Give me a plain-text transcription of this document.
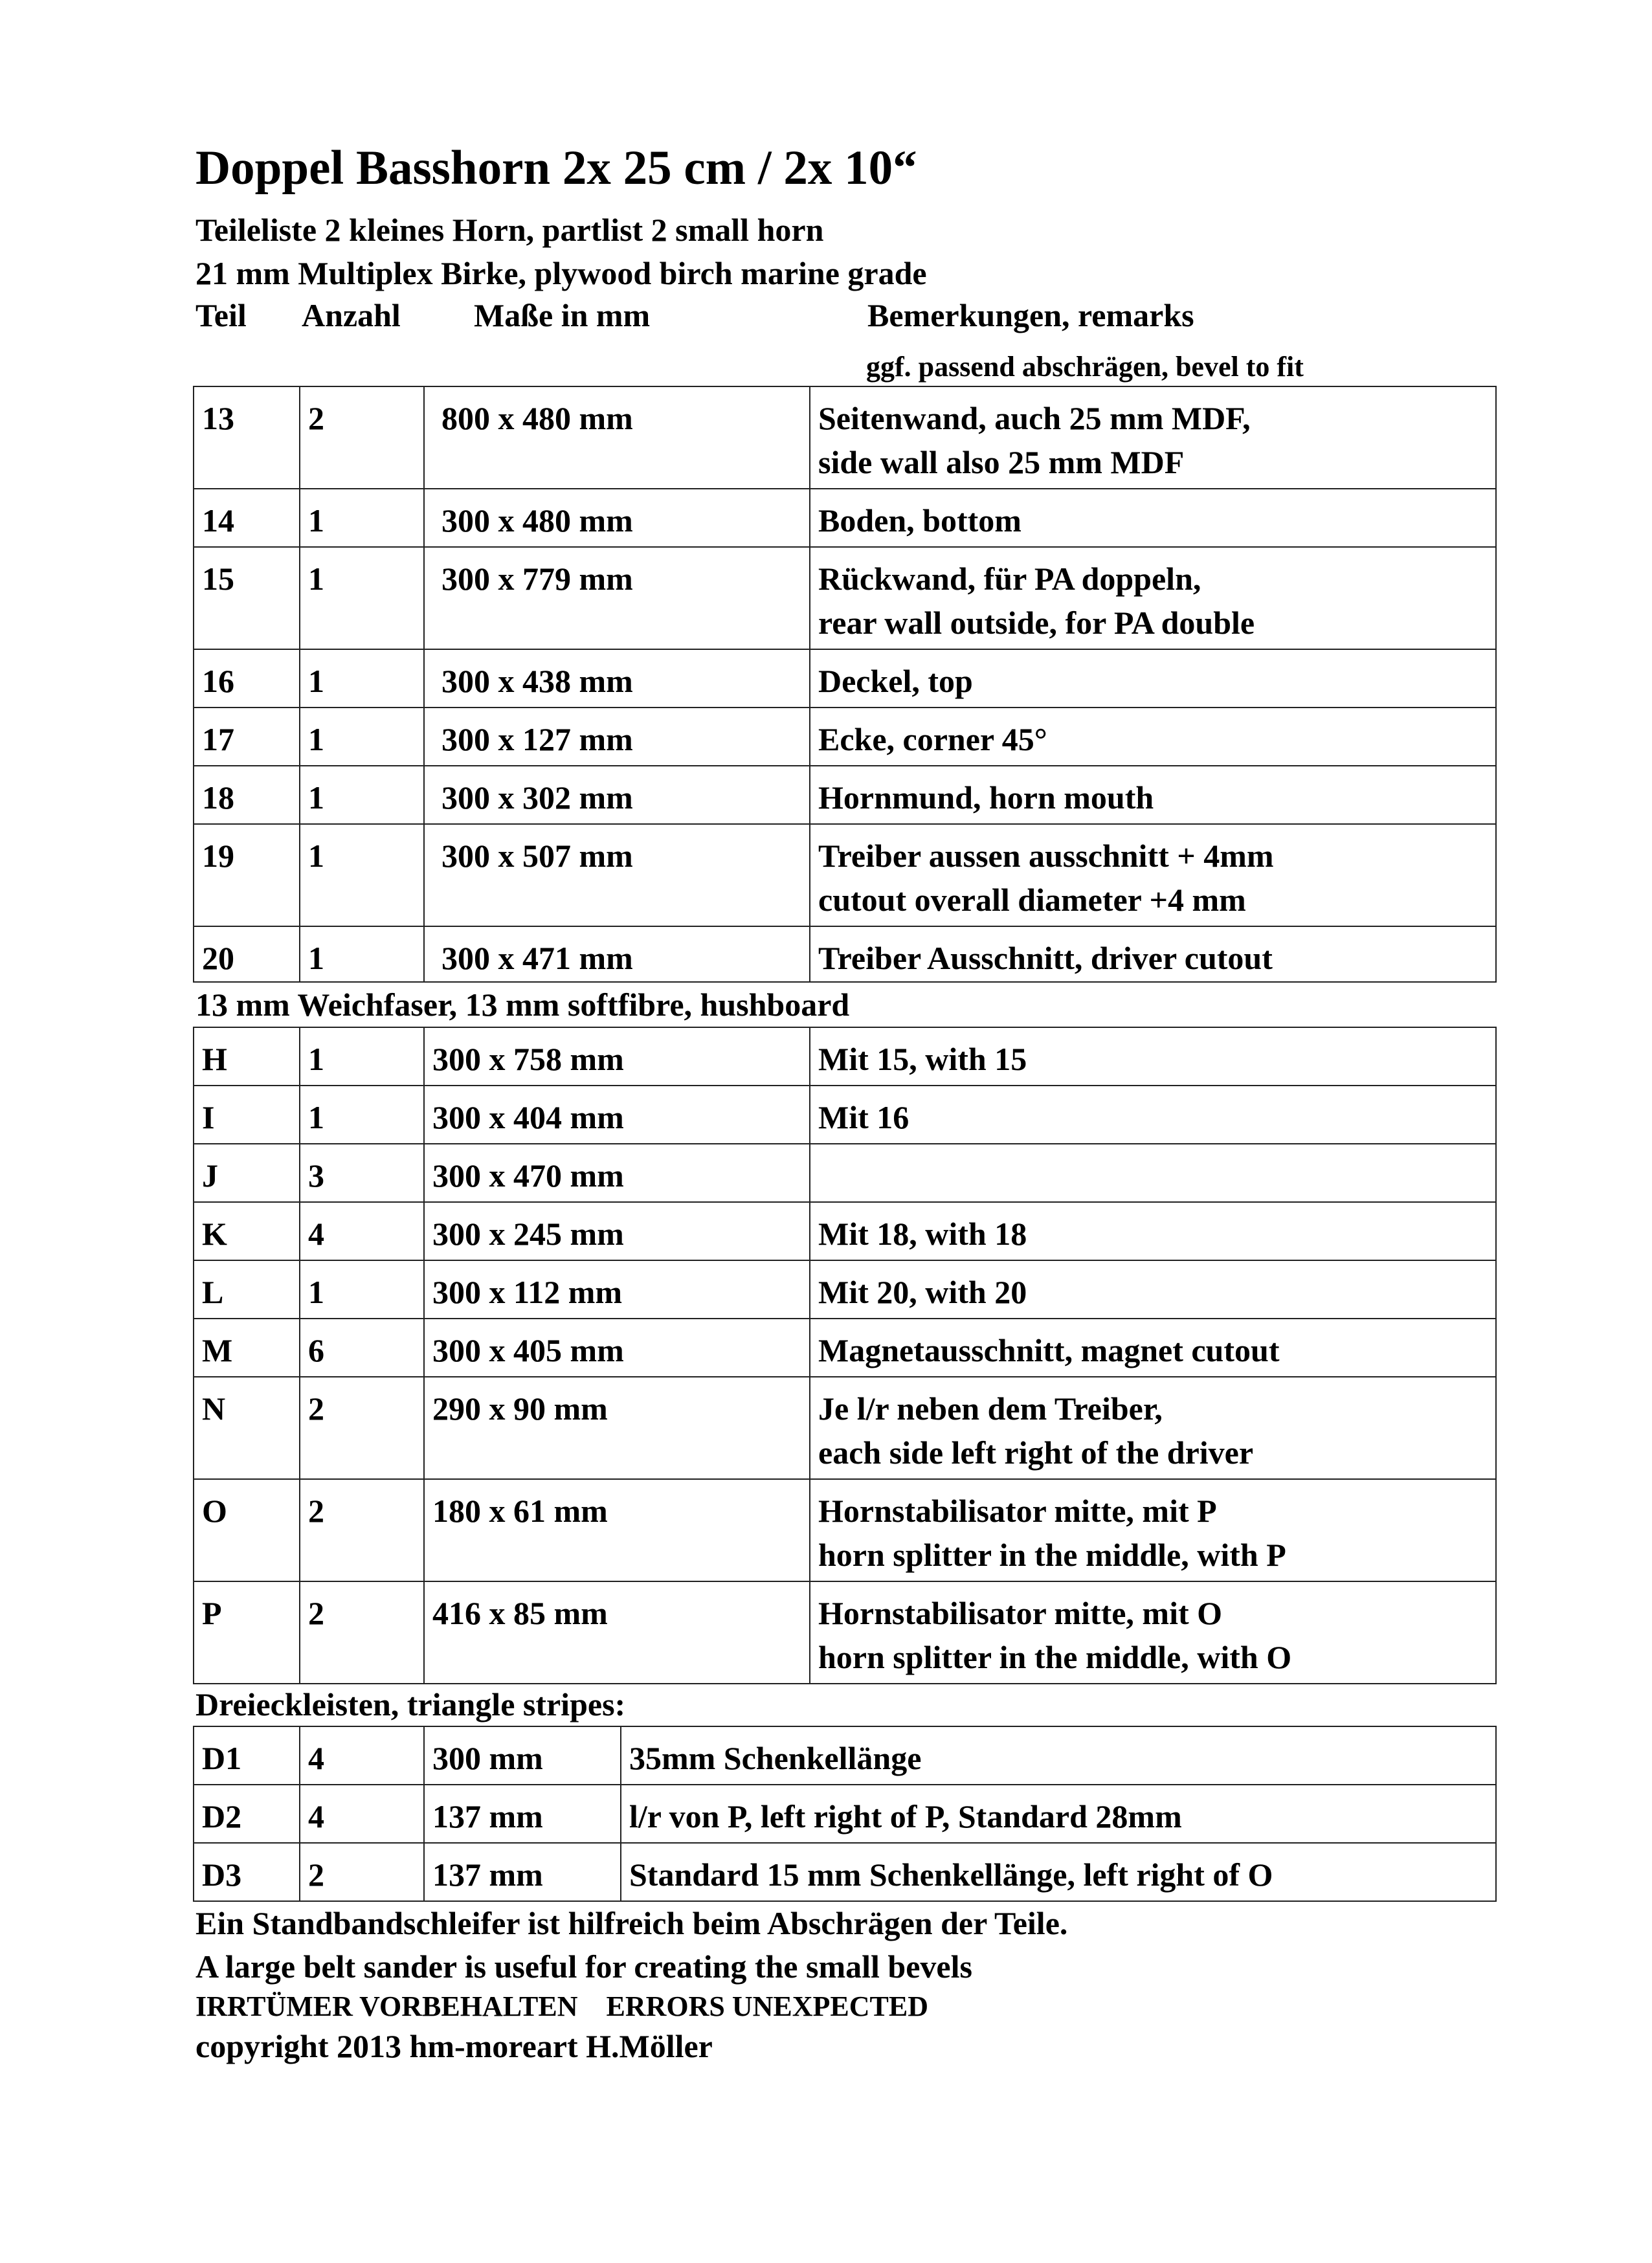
Doppel Basshorn 2x 25 cm / 2x 10“
Teileliste 2 kleines Horn, partlist 2 small horn
21 mm Multiplex Birke, plywood birch marine grade
Teil Anzahl Maße in mm	Bemerkungen, remarks
ggf. passend abschrägen, bevel to fit
13	2	800 x 480 mm	Seitenwand, auch 25 mm MDF,
side wall also 25 mm MDF
14	1	300 x 480 mm	Boden, bottom
15	1	300 x 779 mm	Rückwand, für PA doppeln,
rear wall outside, for PA double
16	1	300 x 438 mm	Deckel, top
17	1	300 x 127 mm	Ecke, corner 45°
18	1	300 x 302 mm	Hornmund, horn mouth
19	1	300 x 507 mm	Treiber aussen ausschnitt + 4mm
cutout overall diameter +4 mm
20	1	300 x 471 mm	Treiber Ausschnitt, driver cutout
13 mm Weichfaser, 13 mm softfibre, hushboard
H	1	300 x 758 mm	Mit 15, with 15
I	1	300 x 404 mm	Mit 16
J	3	300 x 470 mm	
K	4	300 x 245 mm	Mit 18, with 18
L	1	300 x 112 mm	Mit 20, with 20
M	6	300 x 405 mm	Magnetausschnitt, magnet cutout
N	2	290 x 90 mm	Je l/r neben dem Treiber,
each side left right of the driver
O	2	180 x 61 mm	Hornstabilisator mitte, mit P
horn splitter in the middle, with P
P	2	416 x 85 mm	Hornstabilisator mitte, mit O
horn splitter in the middle, with O
Dreieckleisten, triangle stripes:
D1	4	300 mm	35mm Schenkellänge
D2	4	137 mm	l/r von P, left right of P, Standard 28mm
D3	2	137 mm	Standard 15 mm Schenkellänge, left right of O
Ein Standbandschleifer ist hilfreich beim Abschrägen der Teile.
A large belt sander is useful for creating the small bevels
IRRTÜMER VORBEHALTEN    ERRORS UNEXPECTED
copyright 2013 hm-moreart H.Möller
